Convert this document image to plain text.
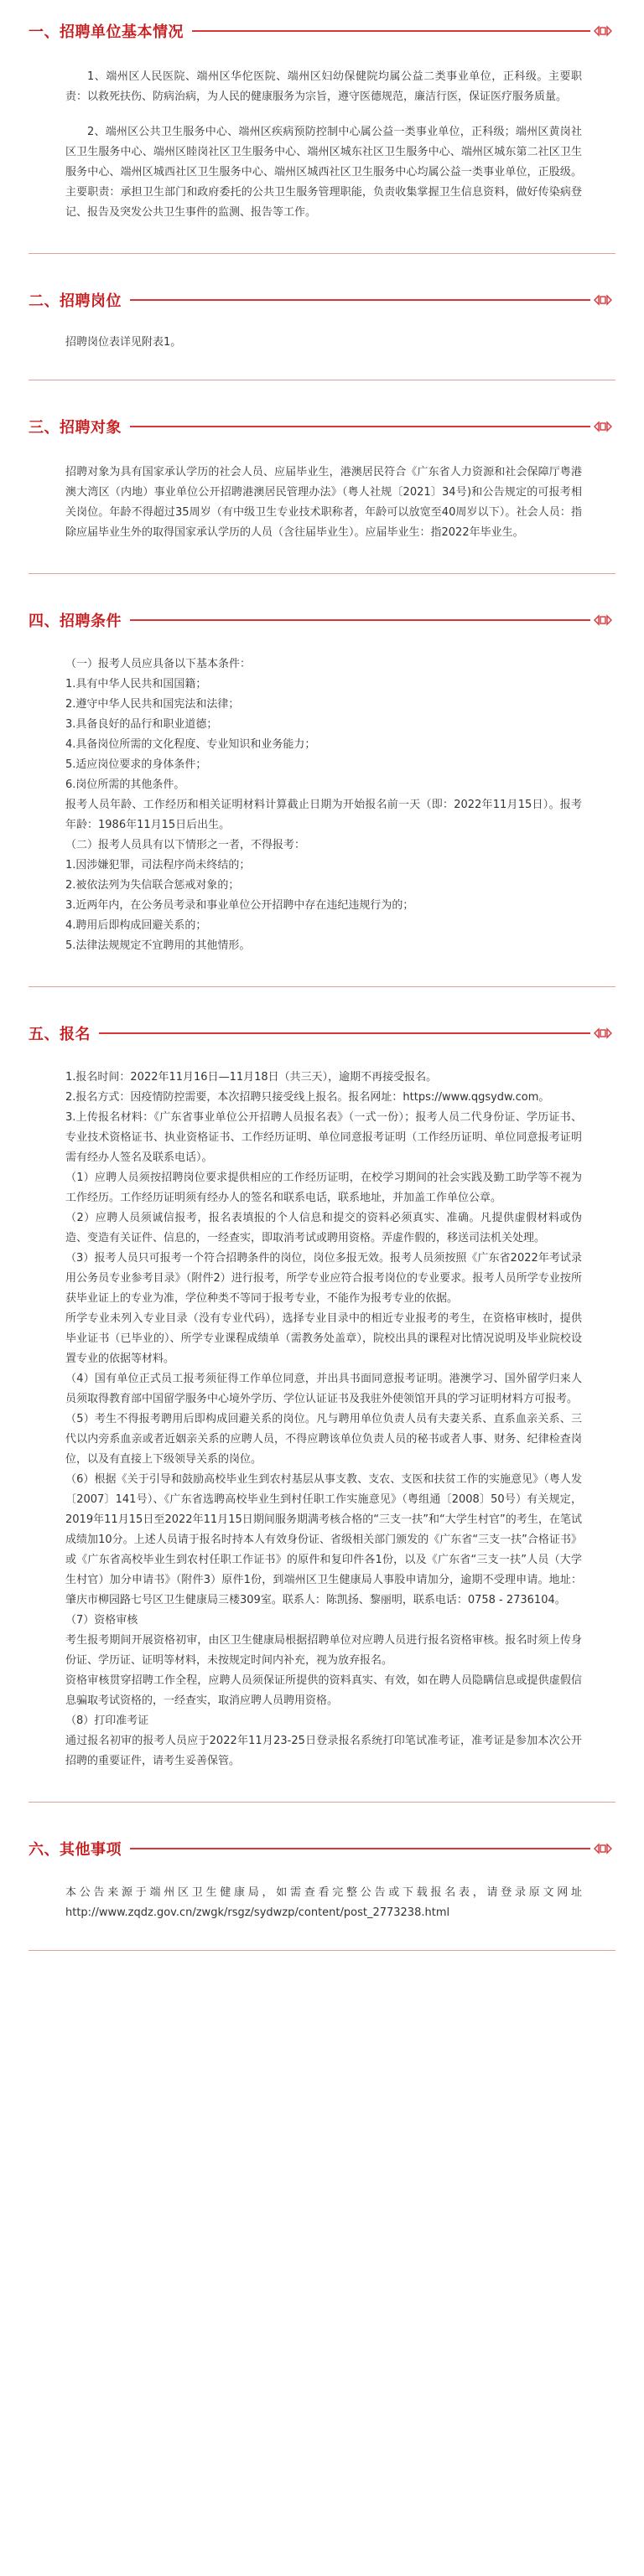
一、招聘单位基本情况

1、端州区人民医院、端州区华佗医院、端州区妇幼保健院均属公益二类事业单位，正科级。主要职责：以救死扶伤、防病治病，为人民的健康服务为宗旨，遵守医德规范，廉洁行医，保证医疗服务质量。

2、端州区公共卫生服务中心、端州区疾病预防控制中心属公益一类事业单位，正科级；端州区黄岗社区卫生服务中心、端州区睦岗社区卫生服务中心、端州区城东社区卫生服务中心、端州区城东第二社区卫生服务中心、端州区城西社区卫生服务中心、端州区城西社区卫生服务中心均属公益一类事业单位，正股级。主要职责：承担卫生部门和政府委托的公共卫生服务管理职能，负责收集掌握卫生信息资料，做好传染病登记、报告及突发公共卫生事件的监测、报告等工作。

二、招聘岗位

招聘岗位表详见附表1。

三、招聘对象

招聘对象为具有国家承认学历的社会人员、应届毕业生，港澳居民符合《广东省人力资源和社会保障厅粤港澳大湾区（内地）事业单位公开招聘港澳居民管理办法》（粤人社规〔2021〕34号)和公告规定的可报考相关岗位。年龄不得超过35周岁（有中级卫生专业技术职称者，年龄可以放宽至40周岁以下）。社会人员：指除应届毕业生外的取得国家承认学历的人员（含往届毕业生）。应届毕业生：指2022年毕业生。

四、招聘条件

（一）报考人员应具备以下基本条件：

1.具有中华人民共和国国籍；

2.遵守中华人民共和国宪法和法律；

3.具备良好的品行和职业道德；

4.具备岗位所需的文化程度、专业知识和业务能力；

5.适应岗位要求的身体条件；

6.岗位所需的其他条件。

报考人员年龄、工作经历和相关证明材料计算截止日期为开始报名前一天（即：2022年11月15日）。报考年龄：1986年11月15日后出生。

（二）报考人员具有以下情形之一者，不得报考：

1.因涉嫌犯罪，司法程序尚未终结的；

2.被依法列为失信联合惩戒对象的；

3.近两年内，在公务员考录和事业单位公开招聘中存在违纪违规行为的；

4.聘用后即构成回避关系的；

5.法律法规规定不宜聘用的其他情形。

五、报名

1.报名时间：2022年11月16日—11月18日（共三天），逾期不再接受报名。

2.报名方式：因疫情防控需要，本次招聘只接受线上报名。报名网址：https://www.qgsydw.com。

3.上传报名材料：《广东省事业单位公开招聘人员报名表》（一式一份）；报考人员二代身份证、学历证书、专业技术资格证书、执业资格证书、工作经历证明、单位同意报考证明（工作经历证明、单位同意报考证明需有经办人签名及联系电话）。

（1）应聘人员须按招聘岗位要求提供相应的工作经历证明，在校学习期间的社会实践及勤工助学等不视为工作经历。工作经历证明须有经办人的签名和联系电话，联系地址，并加盖工作单位公章。

（2）应聘人员须诚信报考，报名表填报的个人信息和提交的资料必须真实、准确。凡提供虚假材料或伪造、变造有关证件、信息的，一经查实，即取消考试或聘用资格。弄虚作假的，移送司法机关处理。

（3）报考人员只可报考一个符合招聘条件的岗位，岗位多报无效。报考人员须按照《广东省2022年考试录用公务员专业参考目录》（附件2）进行报考，所学专业应符合报考岗位的专业要求。报考人员所学专业按所获毕业证上的专业为准，学位种类不等同于报考专业，不能作为报考专业的依据。

所学专业未列入专业目录（没有专业代码），选择专业目录中的相近专业报考的考生，在资格审核时，提供毕业证书（已毕业的）、所学专业课程成绩单（需教务处盖章），院校出具的课程对比情况说明及毕业院校设置专业的依据等材料。

（4）国有单位正式员工报考须征得工作单位同意，并出具书面同意报考证明。港澳学习、国外留学归来人员须取得教育部中国留学服务中心境外学历、学位认证证书及我驻外使领馆开具的学习证明材料方可报考。

（5）考生不得报考聘用后即构成回避关系的岗位。凡与聘用单位负责人员有夫妻关系、直系血亲关系、三代以内旁系血亲或者近姻亲关系的应聘人员，不得应聘该单位负责人员的秘书或者人事、财务、纪律检查岗位，以及有直接上下级领导关系的岗位。

（6）根据《关于引导和鼓励高校毕业生到农村基层从事支教、支农、支医和扶贫工作的实施意见》（粤人发〔2007〕141号）、《广东省选聘高校毕业生到村任职工作实施意见》（粤组通〔2008〕50号）有关规定，2019年11月15日至2022年11月15日期间服务期满考核合格的“三支一扶”和“大学生村官”的考生，在笔试成绩加10分。上述人员请于报名时持本人有效身份证、省级相关部门颁发的《广东省“三支一扶”合格证书》或《广东省高校毕业生到农村任职工作证书》的原件和复印件各1份，以及《广东省“三支一扶”人员（大学生村官）加分申请书》（附件3）原件1份，到端州区卫生健康局人事股申请加分，逾期不受理申请。地址：肇庆市柳园路七号区卫生健康局三楼309室。联系人：陈凯扬、黎丽明，联系电话：0758 - 2736104。

（7）资格审核

考生报考期间开展资格初审，由区卫生健康局根据招聘单位对应聘人员进行报名资格审核。报名时须上传身份证、学历证、证明等材料，未按规定时间内补充，视为放弃报名。

资格审核贯穿招聘工作全程，应聘人员须保证所提供的资料真实、有效，如在聘人员隐瞒信息或提供虚假信息骗取考试资格的，一经查实，取消应聘人员聘用资格。

（8）打印准考证

通过报名初审的报考人员应于2022年11月23-25日登录报名系统打印笔试准考证，准考证是参加本次公开招聘的重要证件，请考生妥善保管。

六、其他事项

本公告来源于端州区卫生健康局，如需查看完整公告或下载报名表，请登录原文网址http://www.zqdz.gov.cn/zwgk/rsgz/sydwzp/content/post_2773238.html
